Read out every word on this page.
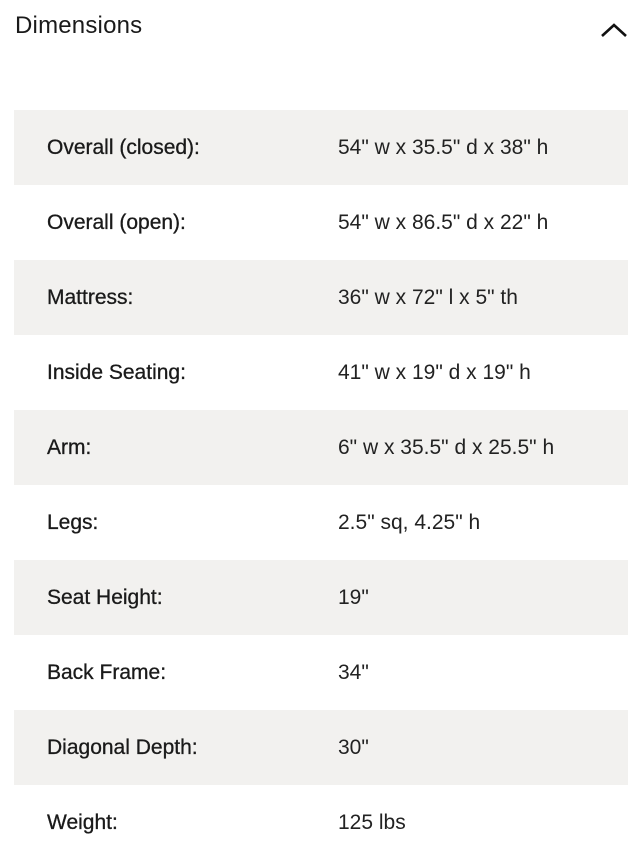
Dimensions
Overall (closed):	54" w x 35.5" d x 38" h
Overall (open):	54" w x 86.5" d x 22" h
Mattress:	36" w x 72" l x 5" th
Inside Seating:	41" w x 19" d x 19" h
Arm:	6" w x 35.5" d x 25.5" h
Legs:	2.5" sq, 4.25" h
Seat Height:	19"
Back Frame:	34"
Diagonal Depth:	30"
Weight:	125 lbs
